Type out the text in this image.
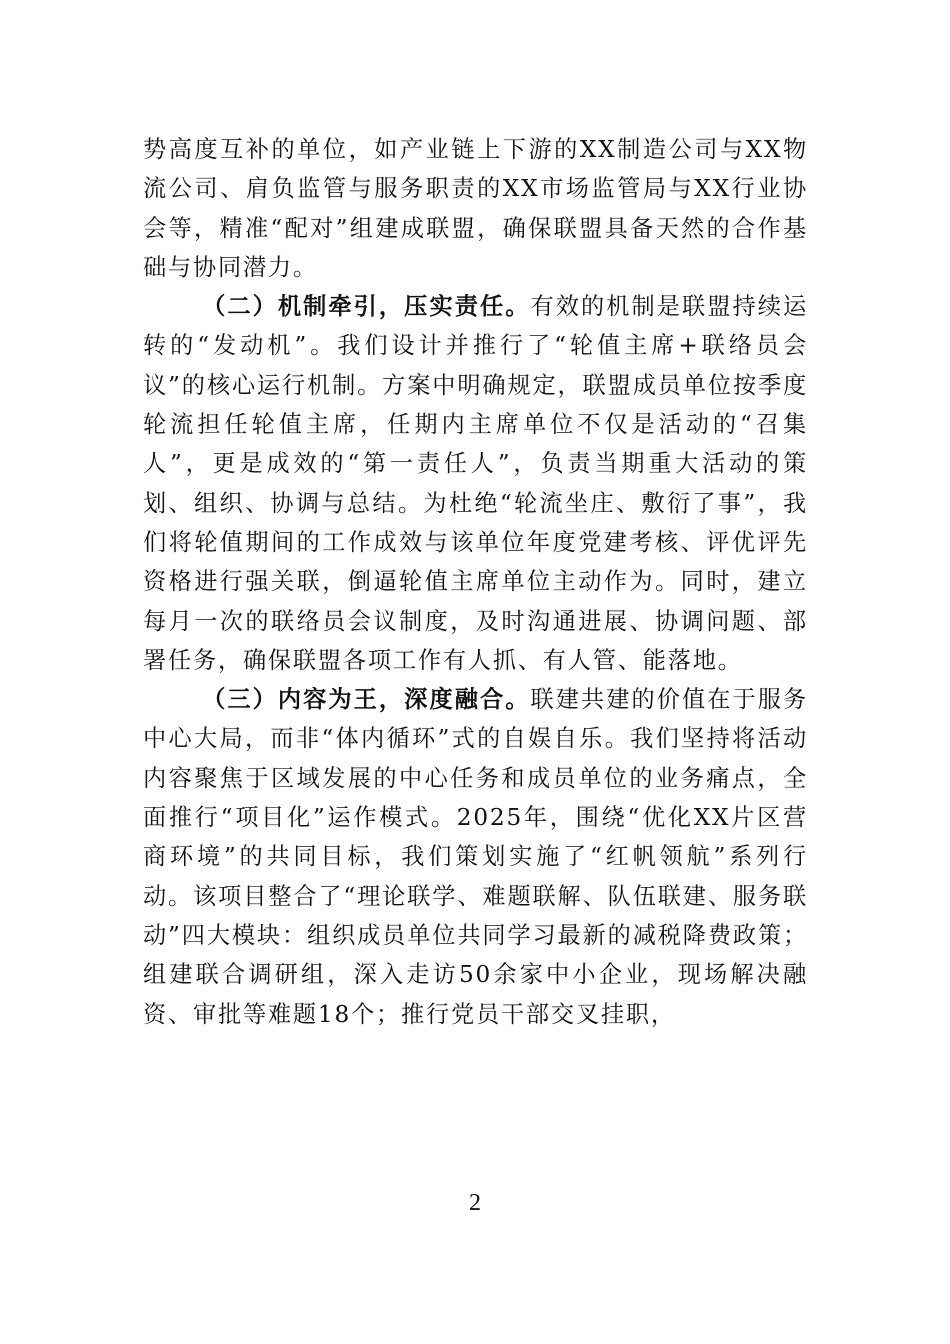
势高度互补的单位，如产业链上下游的XX制造公司与XX物流公司、肩负监管与服务职责的XX市场监管局与XX行业协会等，精准“配对”组建成联盟，确保联盟具备天然的合作基础与协同潜力。

（二）机制牵引，压实责任。有效的机制是联盟持续运转的“发动机”。我们设计并推行了“轮值主席+联络员会议”的核心运行机制。方案中明确规定，联盟成员单位按季度轮流担任轮值主席，任期内主席单位不仅是活动的“召集人”，更是成效的“第一责任人”，负责当期重大活动的策划、组织、协调与总结。为杜绝“轮流坐庄、敷衍了事”，我们将轮值期间的工作成效与该单位年度党建考核、评优评先资格进行强关联，倒逼轮值主席单位主动作为。同时，建立每月一次的联络员会议制度，及时沟通进展、协调问题、部署任务，确保联盟各项工作有人抓、有人管、能落地。

（三）内容为王，深度融合。联建共建的价值在于服务中心大局，而非“体内循环”式的自娱自乐。我们坚持将活动内容聚焦于区域发展的中心任务和成员单位的业务痛点，全面推行“项目化”运作模式。2025年，围绕“优化XX片区营商环境”的共同目标，我们策划实施了“红帆领航”系列行动。该项目整合了“理论联学、难题联解、队伍联建、服务联动”四大模块：组织成员单位共同学习最新的减税降费政策；组建联合调研组，深入走访50余家中小企业，现场解决融资、审批等难题18个；推行党员干部交叉挂职，

2
